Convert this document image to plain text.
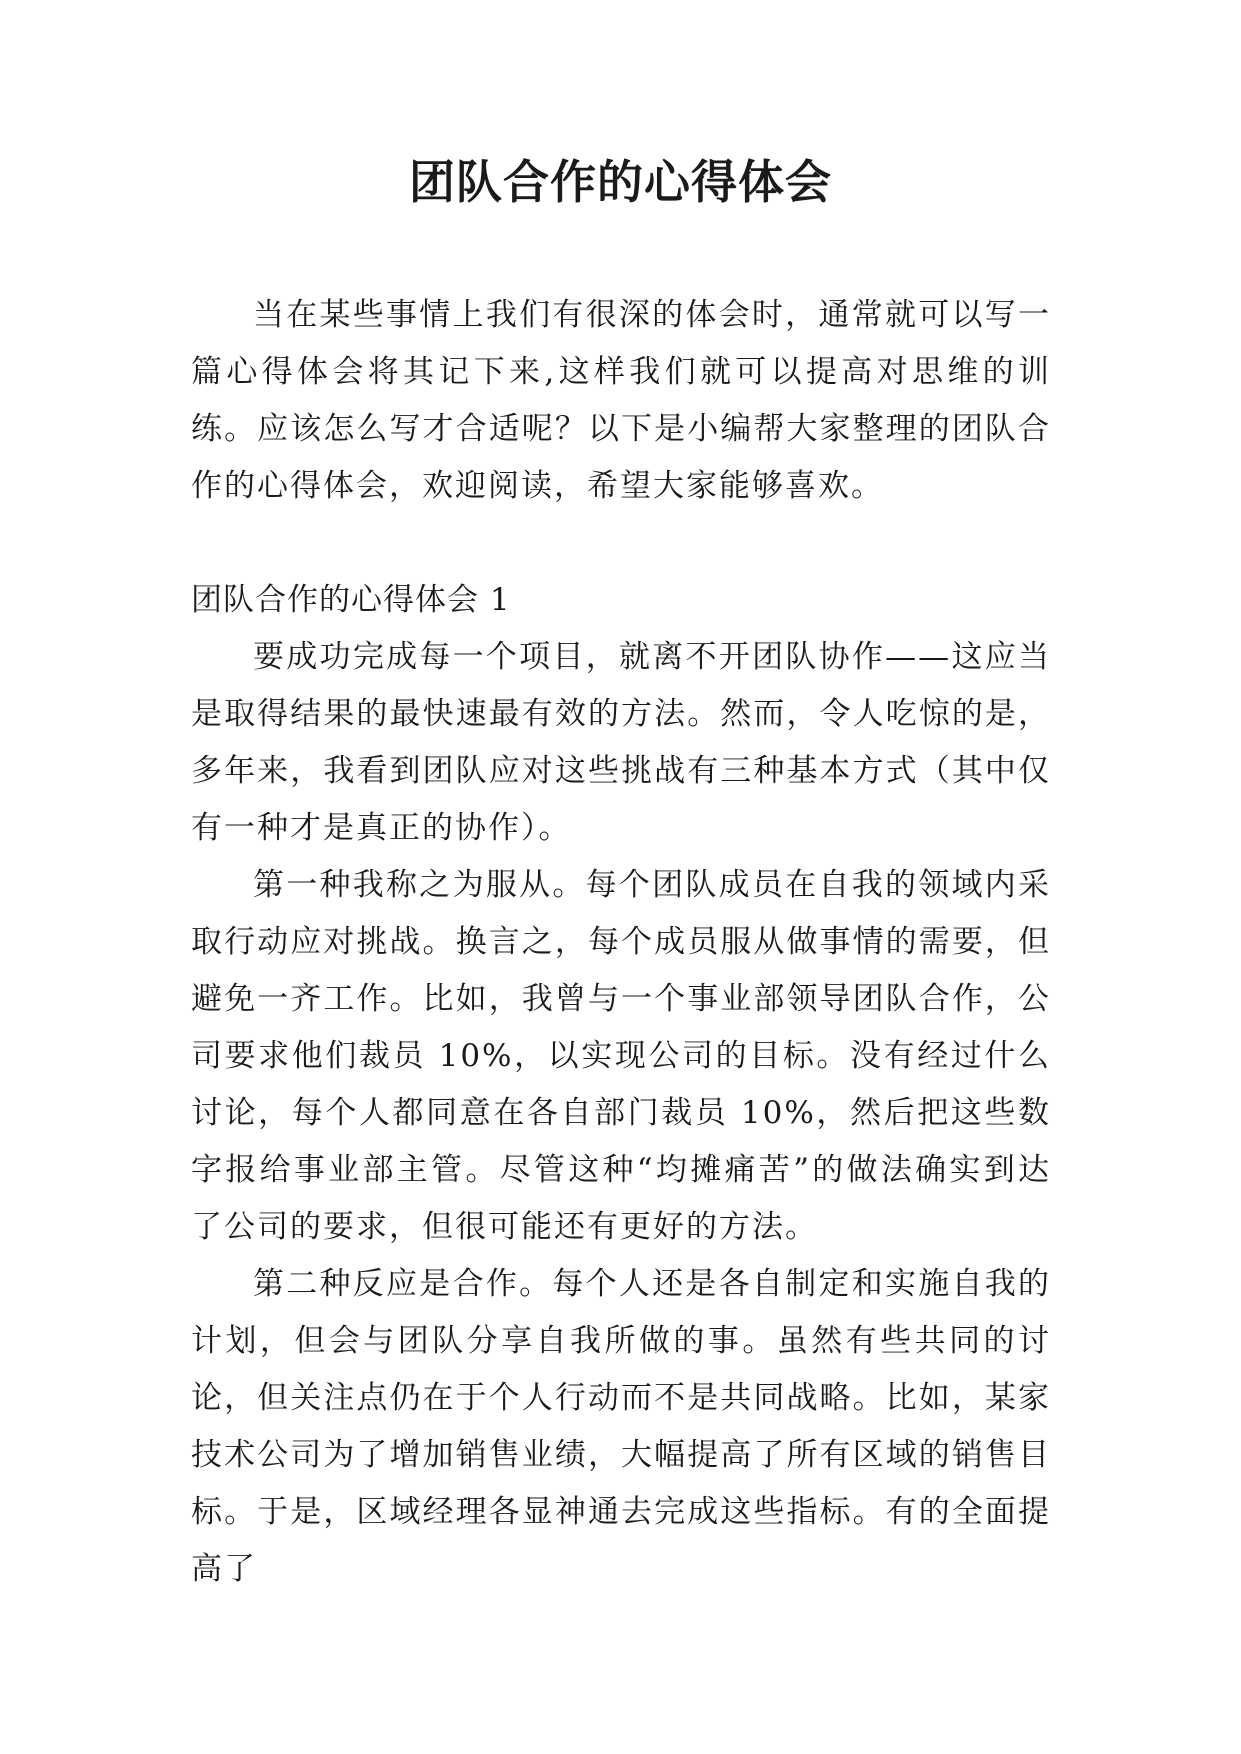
团队合作的心得体会

当在某些事情上我们有很深的体会时，通常就可以写一篇心得体会将其记下来,这样我们就可以提高对思维的训练。应该怎么写才合适呢？以下是小编帮大家整理的团队合作的心得体会，欢迎阅读，希望大家能够喜欢。

团队合作的心得体会 1

要成功完成每一个项目，就离不开团队协作——这应当是取得结果的最快速最有效的方法。然而，令人吃惊的是，多年来，我看到团队应对这些挑战有三种基本方式（其中仅有一种才是真正的协作）。

第一种我称之为服从。每个团队成员在自我的领域内采取行动应对挑战。换言之，每个成员服从做事情的需要，但避免一齐工作。比如，我曾与一个事业部领导团队合作，公司要求他们裁员 10%，以实现公司的目标。没有经过什么讨论，每个人都同意在各自部门裁员 10%，然后把这些数字报给事业部主管。尽管这种“均摊痛苦”的做法确实到达了公司的要求，但很可能还有更好的方法。

第二种反应是合作。每个人还是各自制定和实施自我的计划，但会与团队分享自我所做的事。虽然有些共同的讨论，但关注点仍在于个人行动而不是共同战略。比如，某家技术公司为了增加销售业绩，大幅提高了所有区域的销售目标。于是，区域经理各显神通去完成这些指标。有的全面提高了
